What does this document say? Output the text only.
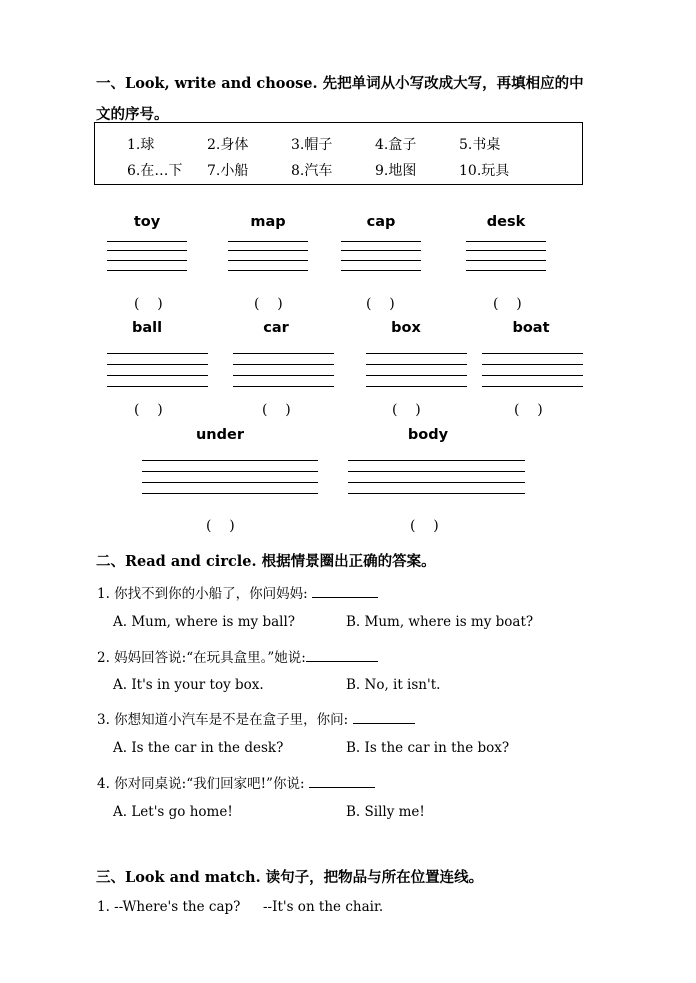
一、Look, write and choose. 先把单词从小写改成大写，再填相应的中
文的序号。
1.球	2.身体	3.帽子	4.盒子	5.书桌
6.在…下 7.小船	8.汽车	9.地图	10.玩具
toy	map	cap	desk
(    )	(    )	(    )	(    )
ball	car	box	boat
(    )	(    )	(    )	(    )
under	body
(    )	(    )
二、Read and circle. 根据情景圈出正确的答案。
1. 你找不到你的小船了，你问妈妈:
A. Mum, where is my ball?	B. Mum, where is my boat?
2. 妈妈回答说:“在玩具盒里。”她说:
A. It's in your toy box.	B. No, it isn't.
3. 你想知道小汽车是不是在盒子里，你问:
A. Is the car in the desk?	B. Is the car in the box?
4. 你对同桌说:“我们回家吧!”你说:
A. Let's go home!	B. Silly me!
三、Look and match. 读句子，把物品与所在位置连线。
1. --Where's the cap? --It's on the chair.
